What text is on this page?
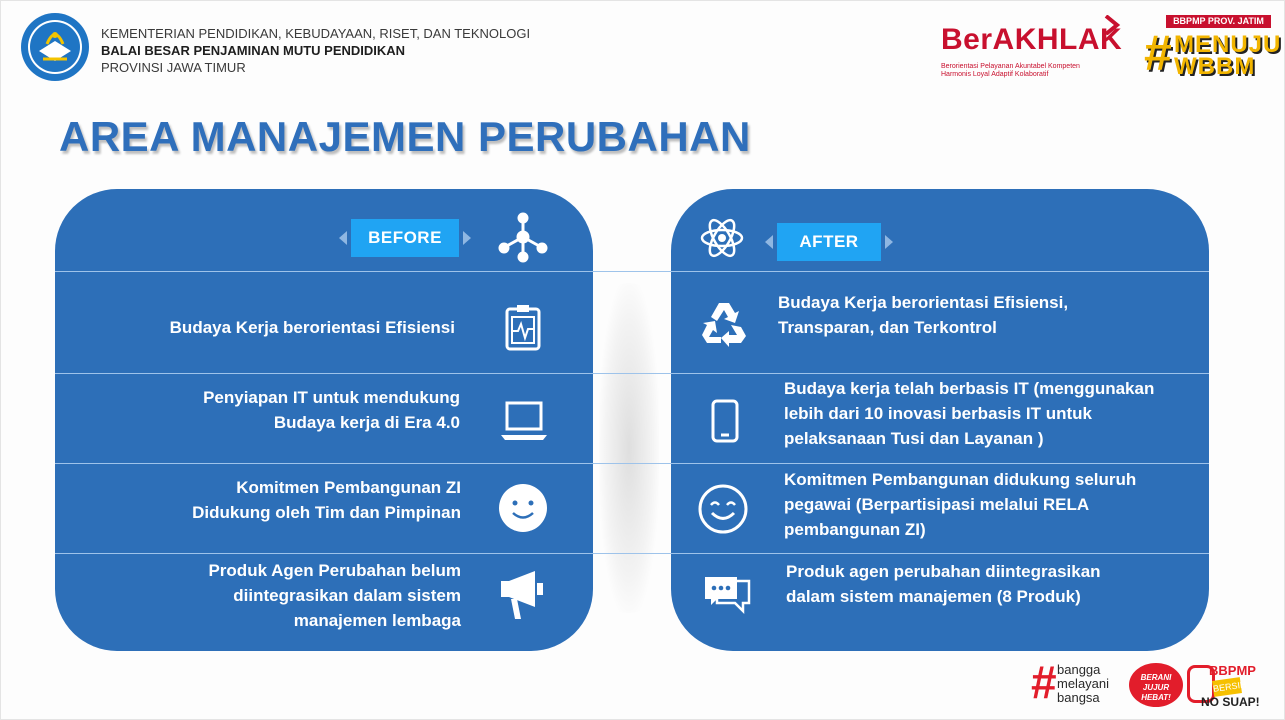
KEMENTERIAN PENDIDIKAN, KEBUDAYAAN, RISET, DAN TEKNOLOGI
BALAI BESAR PENJAMINAN MUTU PENDIDIKAN
PROVINSI JAWA TIMUR
BerAKHLAK
Berorientasi Pelayanan Akuntabel Kompeten
Harmonis Loyal Adaptif Kolaboratif
BBPMP PROV. JATIM
# MENUJU
WBBM
AREA MANAJEMEN PERUBAHAN
BEFORE
Budaya Kerja berorientasi Efisiensi
Penyiapan IT untuk mendukung
Budaya kerja di Era 4.0
Komitmen Pembangunan ZI
Didukung oleh Tim dan Pimpinan
Produk Agen Perubahan belum
diintegrasikan dalam sistem
manajemen lembaga
AFTER
Budaya Kerja berorientasi Efisiensi,
Transparan, dan Terkontrol
Budaya kerja telah berbasis IT (menggunakan
lebih dari 10 inovasi berbasis IT untuk
pelaksanaan Tusi dan Layanan )
Komitmen Pembangunan didukung seluruh
pegawai (Berpartisipasi melalui RELA
pembangunan ZI)
Produk agen perubahan diintegrasikan
dalam sistem manajemen (8 Produk)
# bangga
melayani
bangsa
BERANI
JUJUR
HEBAT!
BBPMP
BERSIH
NO SUAP!
